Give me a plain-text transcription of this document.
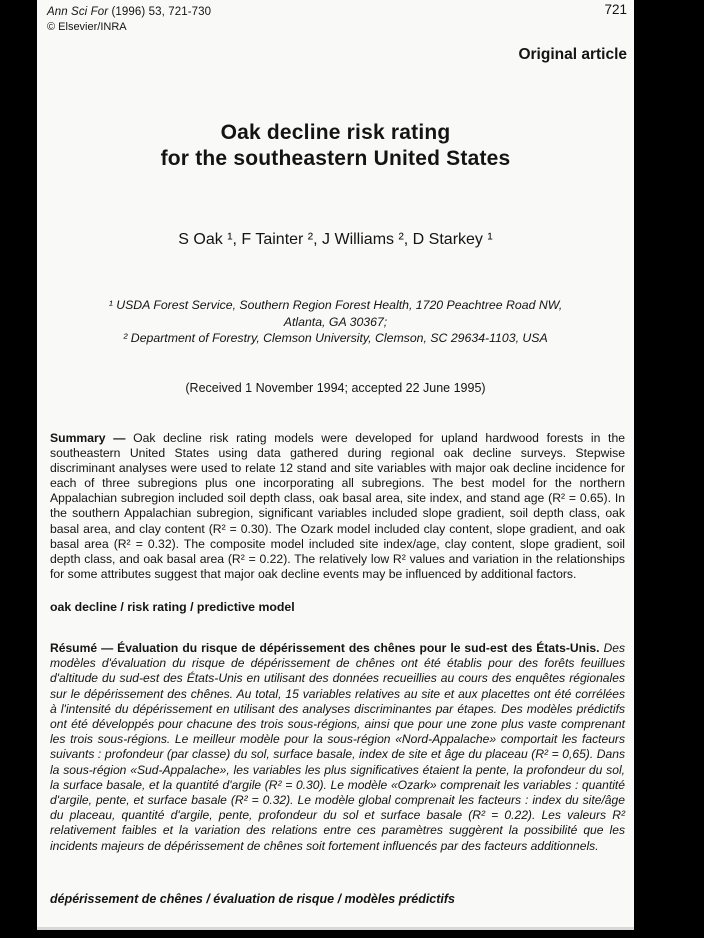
Ann Sci For (1996) 53, 721-730	721
© Elsevier/INRA
Original article
Oak decline risk rating
for the southeastern United States
S Oak ¹, F Tainter ², J Williams ², D Starkey ¹
¹ USDA Forest Service, Southern Region Forest Health, 1720 Peachtree Road NW, Atlanta, GA 30367;
² Department of Forestry, Clemson University, Clemson, SC 29634-1103, USA
(Received 1 November 1994; accepted 22 June 1995)
Summary — Oak decline risk rating models were developed for upland hardwood forests in the southeastern United States using data gathered during regional oak decline surveys. Stepwise discriminant analyses were used to relate 12 stand and site variables with major oak decline incidence for each of three subregions plus one incorporating all subregions. The best model for the northern Appalachian subregion included soil depth class, oak basal area, site index, and stand age (R² = 0.65). In the southern Appalachian subregion, significant variables included slope gradient, soil depth class, oak basal area, and clay content (R² = 0.30). The Ozark model included clay content, slope gradient, and oak basal area (R² = 0.32). The composite model included site index/age, clay content, slope gradient, soil depth class, and oak basal area (R² = 0.22). The relatively low R² values and variation in the relationships for some attributes suggest that major oak decline events may be influenced by additional factors.
oak decline / risk rating / predictive model
Résumé — Évaluation du risque de dépérissement des chênes pour le sud-est des États-Unis. Des modèles d'évaluation du risque de dépérissement de chênes ont été établis pour des forêts feuillues d'altitude du sud-est des États-Unis en utilisant des données recueillies au cours des enquêtes régionales sur le dépérissement des chênes. Au total, 15 variables relatives au site et aux placettes ont été corrélées à l'intensité du dépérissement en utilisant des analyses discriminantes par étapes. Des modèles prédictifs ont été développés pour chacune des trois sous-régions, ainsi que pour une zone plus vaste comprenant les trois sous-régions. Le meilleur modèle pour la sous-région «Nord-Appalache» comportait les facteurs suivants : profondeur (par classe) du sol, surface basale, index de site et âge du placeau (R² = 0,65). Dans la sous-région «Sud-Appalache», les variables les plus significatives étaient la pente, la profondeur du sol, la surface basale, et la quantité d'argile (R² = 0.30). Le modèle «Ozark» comprenait les variables : quantité d'argile, pente, et surface basale (R² = 0.32). Le modèle global comprenait les facteurs : index du site/âge du placeau, quantité d'argile, pente, profondeur du sol et surface basale (R² = 0.22). Les valeurs R² relativement faibles et la variation des relations entre ces paramètres suggèrent la possibilité que les incidents majeurs de dépérissement de chênes soit fortement influencés par des facteurs additionnels.
dépérissement de chênes / évaluation de risque / modèles prédictifs
